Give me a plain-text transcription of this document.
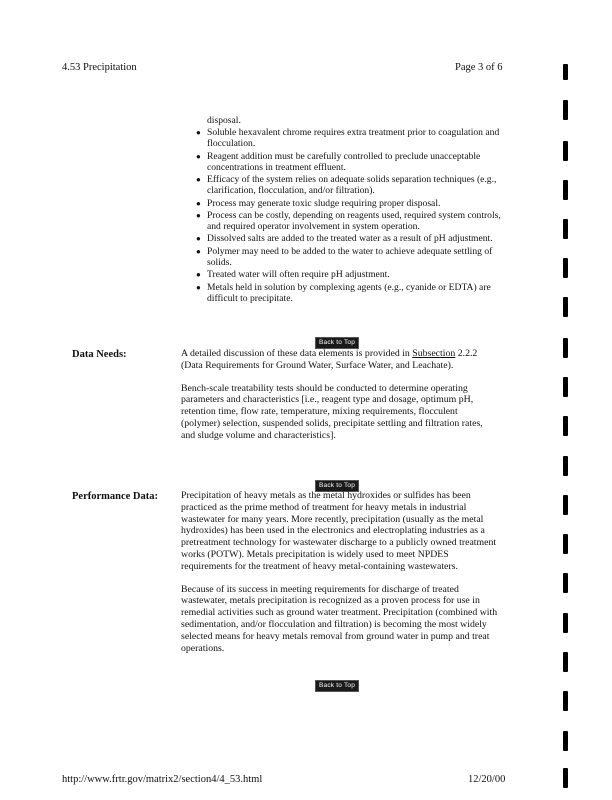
4.53 Precipitation	Page 3 of 6
disposal.
● Soluble hexavalent chrome requires extra treatment prior to coagulation and flocculation.
● Reagent addition must be carefully controlled to preclude unacceptable concentrations in treatment effluent.
● Efficacy of the system relies on adequate solids separation techniques (e.g., clarification, flocculation, and/or filtration).
● Process may generate toxic sludge requiring proper disposal.
● Process can be costly, depending on reagents used, required system controls, and required operator involvement in system operation.
● Dissolved salts are added to the treated water as a result of pH adjustment.
● Polymer may need to be added to the water to achieve adequate settling of solids.
● Treated water will often require pH adjustment.
● Metals held in solution by complexing agents (e.g., cyanide or EDTA) are difficult to precipitate.
Back to Top
Data Needs:	A detailed discussion of these data elements is provided in Subsection 2.2.2 (Data Requirements for Ground Water, Surface Water, and Leachate).

Bench-scale treatability tests should be conducted to determine operating parameters and characteristics [i.e., reagent type and dosage, optimum pH, retention time, flow rate, temperature, mixing requirements, flocculent (polymer) selection, suspended solids, precipitate settling and filtration rates, and sludge volume and characteristics].

Back to Top
Performance Data: Precipitation of heavy metals as the metal hydroxides or sulfides has been practiced as the prime method of treatment for heavy metals in industrial wastewater for many years. More recently, precipitation (usually as the metal hydroxides) has been used in the electronics and electroplating industries as a pretreatment technology for wastewater discharge to a publicly owned treatment works (POTW). Metals precipitation is widely used to meet NPDES requirements for the treatment of heavy metal-containing wastewaters.

Because of its success in meeting requirements for discharge of treated wastewater, metals precipitation is recognized as a proven process for use in remedial activities such as ground water treatment. Precipitation (combined with sedimentation, and/or flocculation and filtration) is becoming the most widely selected means for heavy metals removal from ground water in pump and treat operations.

Back to Top
http://www.frtr.gov/matrix2/section4/4_53.html	12/20/00
